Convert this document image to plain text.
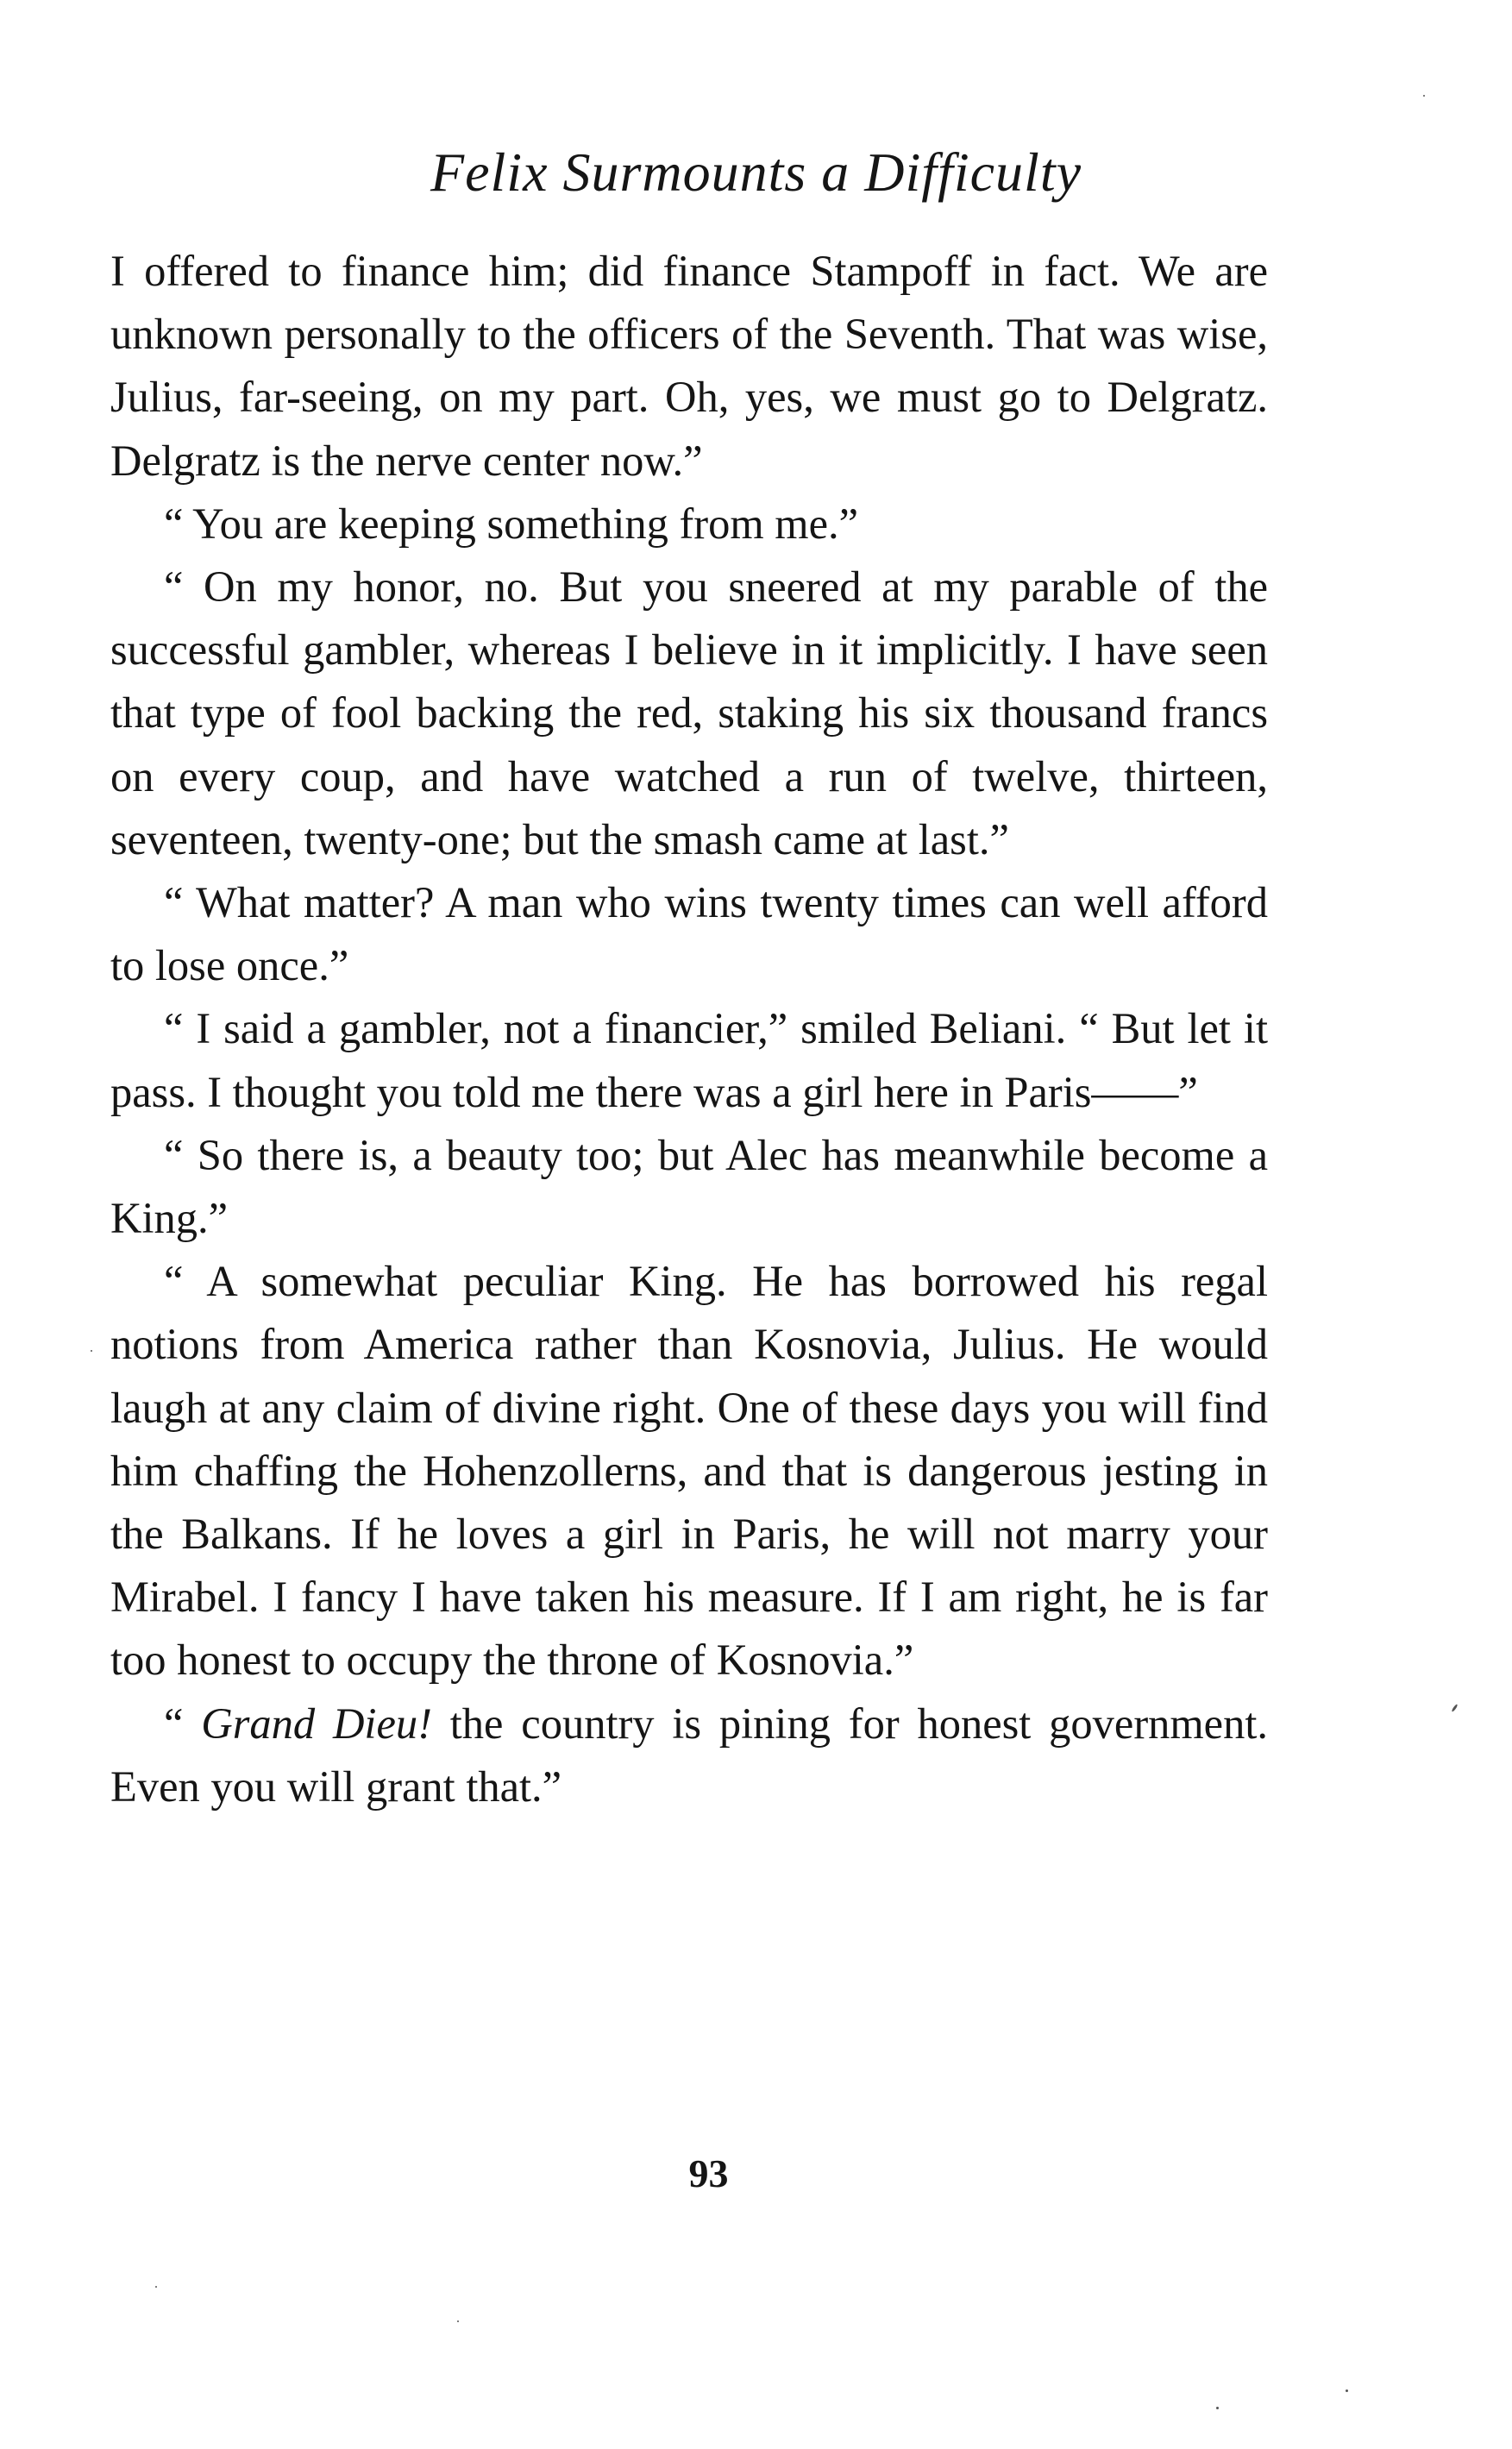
Felix Surmounts a Difficulty

I offered to finance him; did finance Stampoff in fact. We are unknown personally to the officers of the Seventh. That was wise, Julius, far-seeing, on my part. Oh, yes, we must go to Delgratz. Delgratz is the nerve center now.”

“ You are keeping something from me.”

“ On my honor, no. But you sneered at my parable of the successful gambler, whereas I believe in it implicitly. I have seen that type of fool backing the red, staking his six thousand francs on every coup, and have watched a run of twelve, thirteen, seventeen, twenty-one; but the smash came at last.”

“ What matter? A man who wins twenty times can well afford to lose once.”

“ I said a gambler, not a financier,” smiled Beliani. “ But let it pass. I thought you told me there was a girl here in Paris——”

“ So there is, a beauty too; but Alec has meanwhile become a King.”

“ A somewhat peculiar King. He has borrowed his regal notions from America rather than Kosnovia, Julius. He would laugh at any claim of divine right. One of these days you will find him chaffing the Hohenzollerns, and that is dangerous jesting in the Balkans. If he loves a girl in Paris, he will not marry your Mirabel. I fancy I have taken his measure. If I am right, he is far too honest to occupy the throne of Kosnovia.”

“ Grand Dieu! the country is pining for honest government. Even you will grant that.”

93
